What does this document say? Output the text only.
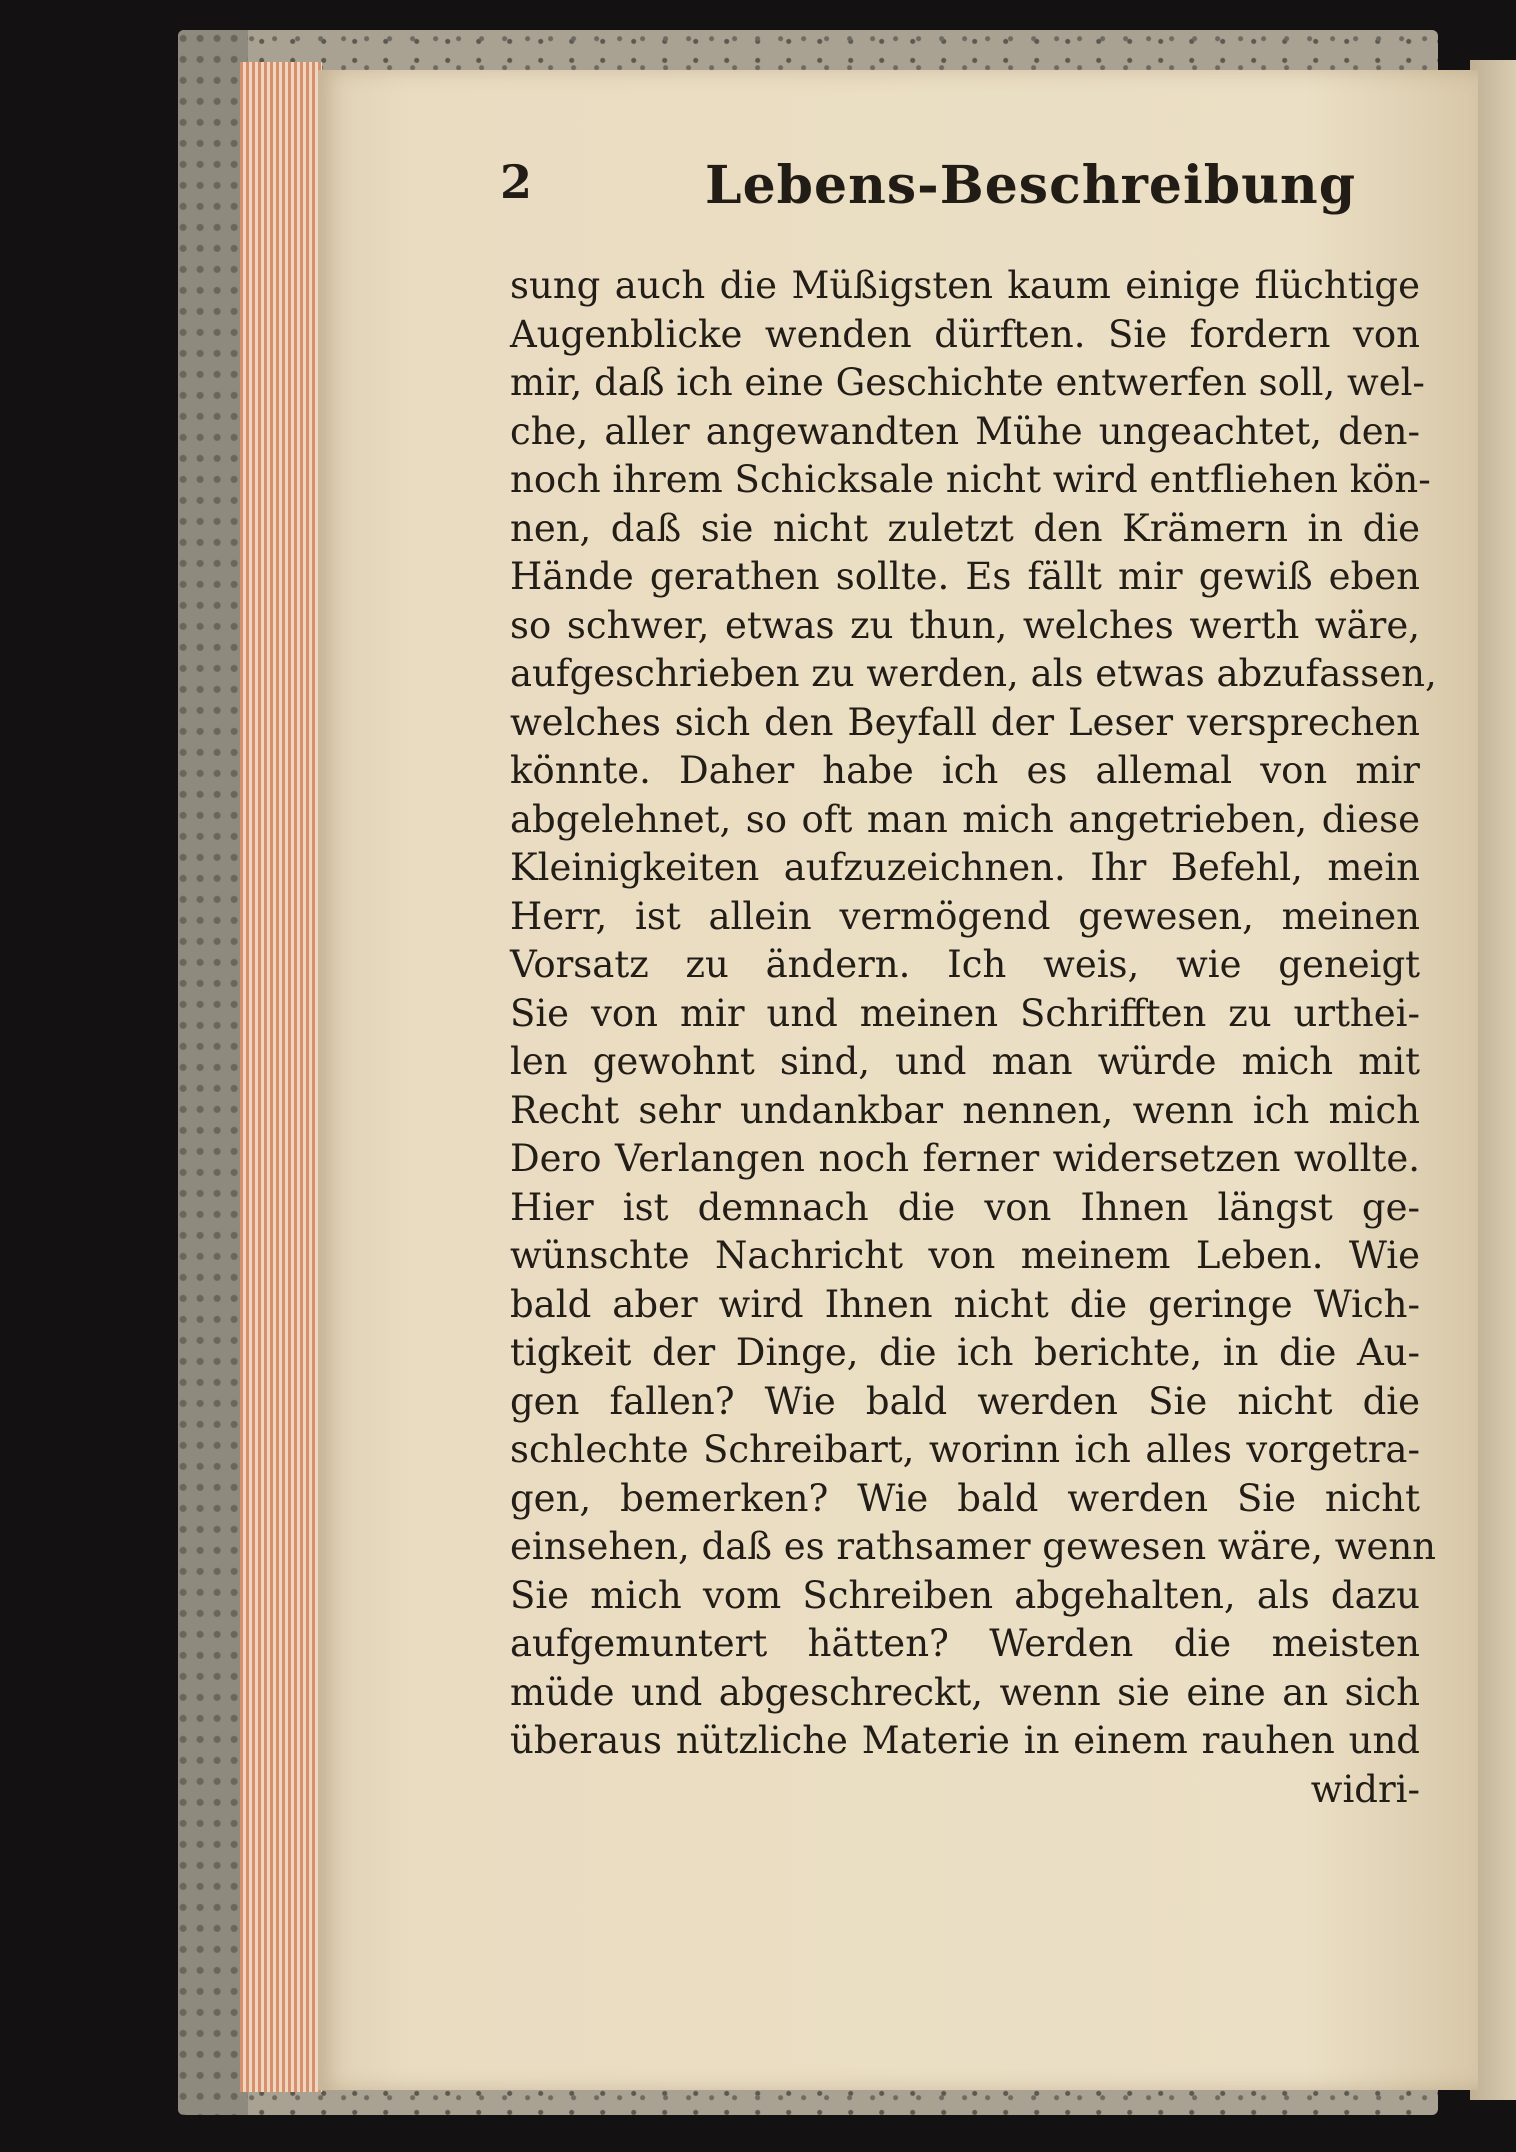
2	Lebens-Beschreibung
sung auch die Müßigsten kaum einige flüchtige
Augenblicke wenden dürften. Sie fordern von
mir, daß ich eine Geschichte entwerfen soll, wel-
che, aller angewandten Mühe ungeachtet, den-
noch ihrem Schicksale nicht wird entfliehen kön-
nen, daß sie nicht zuletzt den Krämern in die
Hände gerathen sollte. Es fällt mir gewiß eben
so schwer, etwas zu thun, welches werth wäre,
aufgeschrieben zu werden, als etwas abzufassen,
welches sich den Beyfall der Leser versprechen
könnte. Daher habe ich es allemal von mir
abgelehnet, so oft man mich angetrieben, diese
Kleinigkeiten aufzuzeichnen. Ihr Befehl, mein
Herr, ist allein vermögend gewesen, meinen
Vorsatz zu ändern. Ich weis, wie geneigt
Sie von mir und meinen Schrifften zu urthei-
len gewohnt sind, und man würde mich mit
Recht sehr undankbar nennen, wenn ich mich
Dero Verlangen noch ferner widersetzen wollte.
Hier ist demnach die von Ihnen längst ge-
wünschte Nachricht von meinem Leben. Wie
bald aber wird Ihnen nicht die geringe Wich-
tigkeit der Dinge, die ich berichte, in die Au-
gen fallen? Wie bald werden Sie nicht die
schlechte Schreibart, worinn ich alles vorgetra-
gen, bemerken? Wie bald werden Sie nicht
einsehen, daß es rathsamer gewesen wäre, wenn
Sie mich vom Schreiben abgehalten, als dazu
aufgemuntert hätten? Werden die meisten
müde und abgeschreckt, wenn sie eine an sich
überaus nützliche Materie in einem rauhen und
widri-
